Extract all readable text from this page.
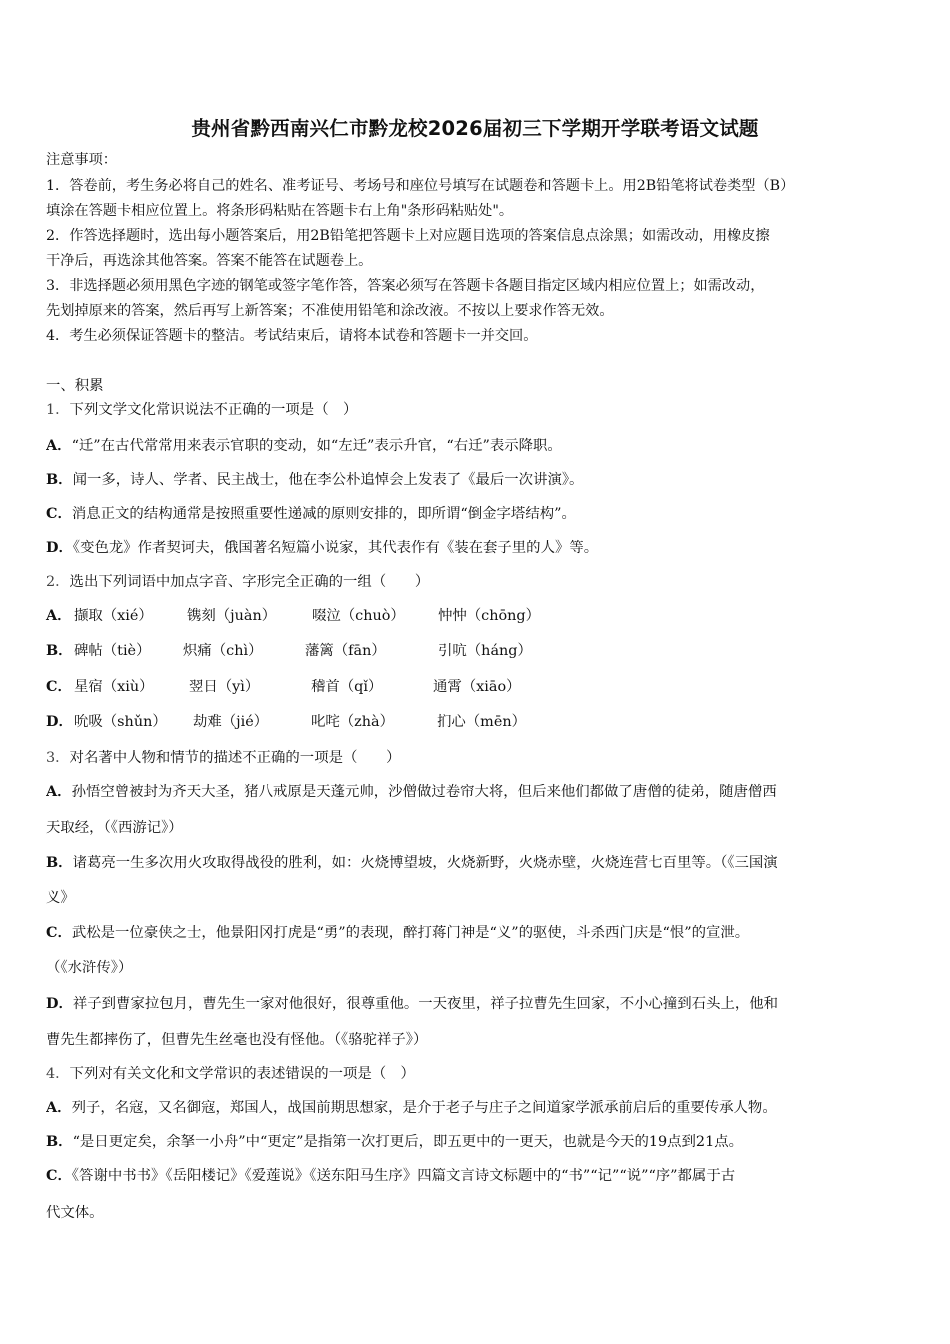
贵州省黔西南兴仁市黔龙校2026届初三下学期开学联考语文试题
注意事项：
1．答卷前，考生务必将自己的姓名、准考证号、考场号和座位号填写在试题卷和答题卡上。用2B铅笔将试卷类型（B）
填涂在答题卡相应位置上。将条形码粘贴在答题卡右上角"条形码粘贴处"。
2．作答选择题时，选出每小题答案后，用2B铅笔把答题卡上对应题目选项的答案信息点涂黑；如需改动，用橡皮擦
干净后，再选涂其他答案。答案不能答在试题卷上。
3．非选择题必须用黑色字迹的钢笔或签字笔作答，答案必须写在答题卡各题目指定区域内相应位置上；如需改动，
先划掉原来的答案，然后再写上新答案；不准使用铅笔和涂改液。不按以上要求作答无效。
4．考生必须保证答题卡的整洁。考试结束后，请将本试卷和答题卡一并交回。
一、积累
1．下列文学文化常识说法不正确的一项是（　）
A．“迁”在古代常常用来表示官职的变动，如“左迁”表示升官，“右迁”表示降职。
B．闻一多，诗人、学者、民主战士，他在李公朴追悼会上发表了《最后一次讲演》。
C．消息正文的结构通常是按照重要性递减的原则安排的，即所谓“倒金字塔结构”。
D．《变色龙》作者契诃夫，俄国著名短篇小说家，其代表作有《装在套子里的人》等。
2．选出下列词语中加点字音、字形完全正确的一组（　　）
A． 撷取（xié） 镌刻（juàn） 啜泣（chuò） 忡忡（chōng）
B． 碑帖（tiè） 炽痛（chì）	藩篱（fān）	引吭（háng）
C． 星宿（xiù） 翌日（yì）	稽首（qǐ）	通霄（xiāo）
D． 吮吸（shǔn） 劫难（jié）	叱咤（zhà）	扪心（mēn）
3．对名著中人物和情节的描述不正确的一项是（　　）
A．孙悟空曾被封为齐天大圣，猪八戒原是天蓬元帅，沙僧做过卷帘大将，但后来他们都做了唐僧的徒弟，随唐僧西
天取经，（《西游记》）
B．诸葛亮一生多次用火攻取得战役的胜利，如：火烧博望坡，火烧新野，火烧赤壁，火烧连营七百里等。（《三国演
义》
C．武松是一位豪侠之士，他景阳冈打虎是“勇”的表现，醉打蒋门神是“义”的驱使，斗杀西门庆是“恨”的宣泄。
（《水浒传》）
D．祥子到曹家拉包月，曹先生一家对他很好，很尊重他。一天夜里，祥子拉曹先生回家，不小心撞到石头上，他和
曹先生都摔伤了，但曹先生丝毫也没有怪他。（《骆驼祥子》）
4．下列对有关文化和文学常识的表述错误的一项是（　）
A．列子，名寇，又名御寇，郑国人，战国前期思想家，是介于老子与庄子之间道家学派承前启后的重要传承人物。
B．“是日更定矣，余拏一小舟”中“更定”是指第一次打更后，即五更中的一更天，也就是今天的19点到21点。
C．《答谢中书书》《岳阳楼记》《爱莲说》《送东阳马生序》四篇文言诗文标题中的“书”“记”“说”“序”都属于古
代文体。
